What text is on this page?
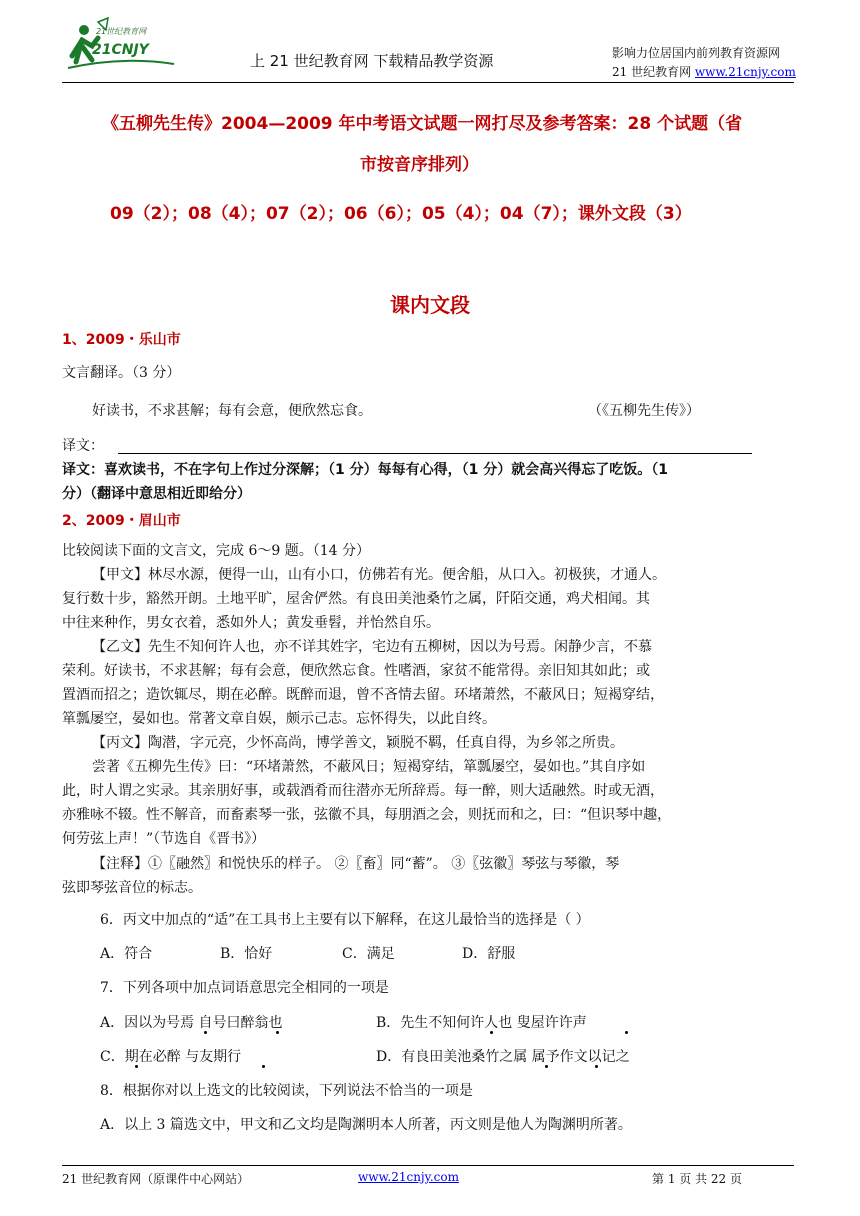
21世纪教育网
21CNJY
上 21 世纪教育网 下载精品教学资源	影响力位居国内前列教育资源网
21 世纪教育网 www.21cnjy.com
《五柳先生传》2004—2009 年中考语文试题一网打尽及参考答案：28 个试题（省
市按音序排列）
09（2）；08（4）；07（2）；06（6）；05（4）；04（7）；课外文段（3）
课内文段
1、2009・乐山市
文言翻译。（3 分）
好读书，不求甚解；每有会意，便欣然忘食。	（《五柳先生传》）
译文：
译文：喜欢读书，不在字句上作过分深解；（1 分）每每有心得，（1 分）就会高兴得忘了吃饭。（1
分）（翻译中意思相近即给分）
2、2009・眉山市
比较阅读下面的文言文，完成 6～9 题。（14 分）
【甲文】林尽水源，便得一山，山有小口，仿佛若有光。便舍船，从口入。初极狭，才通人。
复行数十步，豁然开朗。土地平旷，屋舍俨然。有良田美池桑竹之属，阡陌交通，鸡犬相闻。其
中往来种作，男女衣着，悉如外人；黄发垂髫，并怡然自乐。
【乙文】先生不知何许人也，亦不详其姓字，宅边有五柳树，因以为号焉。闲静少言，不慕
荣利。好读书，不求甚解；每有会意，便欣然忘食。性嗜酒，家贫不能常得。亲旧知其如此；或
置酒而招之；造饮辄尽，期在必醉。既醉而退，曾不吝情去留。环堵萧然，不蔽风日；短褐穿结，
箪瓢屡空，晏如也。常著文章自娱，颇示己志。忘怀得失，以此自终。
【丙文】陶潜，字元亮，少怀高尚，博学善文，颖脱不羁，任真自得，为乡邻之所贵。
尝著《五柳先生传》曰：“环堵萧然，不蔽风日；短褐穿结，箪瓢屡空，晏如也。”其自序如
此，时人谓之实录。其亲朋好事，或载酒肴而往潜亦无所辞焉。每一醉，则大适融然。时或无酒，
亦雅咏不辍。性不解音，而畜素琴一张，弦徽不具，每朋酒之会，则抚而和之，曰：“但识琴中趣，
何劳弦上声！”（节选自《晋书》）
【注释】①〖融然〗和悦快乐的样子。 ②〖畜〗同“蓄”。 ③〖弦徽〗琴弦与琴徽，琴
弦即琴弦音位的标志。
6．丙文中加点的“适”在工具书上主要有以下解释，在这儿最恰当的选择是（ ）
A．符合	B．恰好	C．满足	D．舒服
7．下列各项中加点词语意思完全相同的一项是
A．因以为号焉 自号曰醉翁也	B．先生不知何许人也 叟屋许许声
C．期在必醉 与友期行	D．有良田美池桑竹之属 属予作文以记之
8．根据你对以上选文的比较阅读，下列说法不恰当的一项是
A．以上 3 篇选文中，甲文和乙文均是陶渊明本人所著，丙文则是他人为陶渊明所著。
21 世纪教育网（原课件中心网站）	www.21cnjy.com	第 1 页 共 22 页
